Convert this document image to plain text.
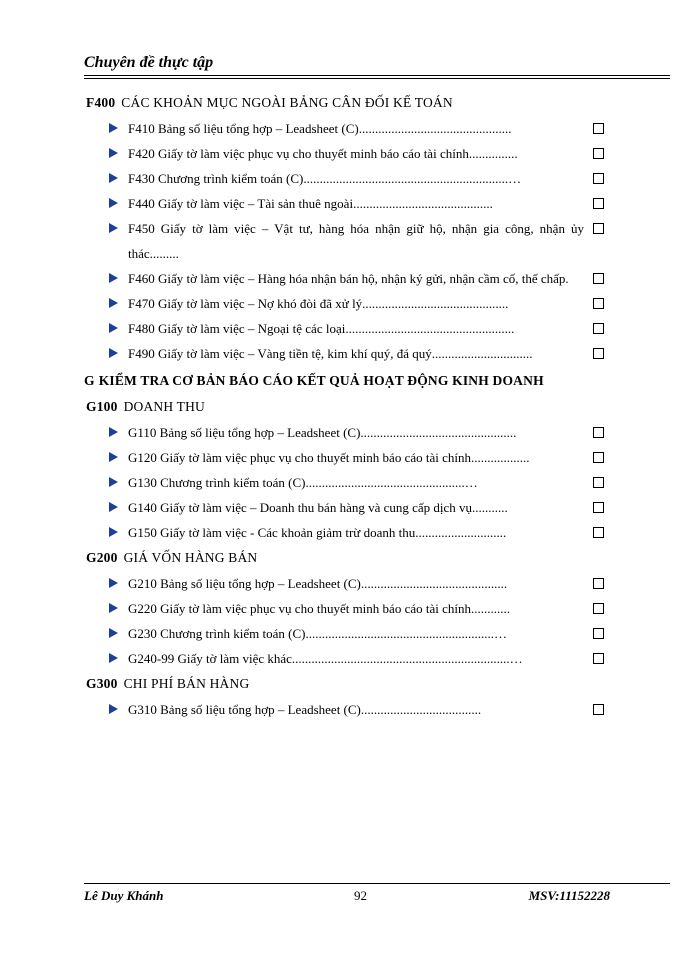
Chuyên đề thực tập
F400 CÁC KHOẢN MỤC NGOÀI BẢNG CÂN ĐỐI KẾ TOÁN
F410 Bảng số liệu tổng hợp – Leadsheet (C)...............................................
F420 Giấy tờ làm việc phục vụ cho thuyết minh báo cáo tài chính...............
F430 Chương trình kiểm toán (C)...............................................................…
F440 Giấy tờ làm việc – Tài sản thuê ngoài...........................................
F450 Giấy tờ làm việc – Vật tư, hàng hóa nhận giữ hộ, nhận gia công, nhận ủy thác.........
F460 Giấy tờ làm việc – Hàng hóa nhận bán hộ, nhận ký gửi, nhận cầm cố, thế chấp.
F470 Giấy tờ làm việc – Nợ khó đòi đã xử lý.............................................
F480 Giấy tờ làm việc – Ngoại tệ các loại....................................................
F490 Giấy tờ làm việc – Vàng tiền tệ, kim khí quý, đá quý...............................
G KIỂM TRA CƠ BẢN BÁO CÁO KẾT QUẢ HOẠT ĐỘNG KINH DOANH
G100 DOANH THU
G110 Bảng số liệu tổng hợp – Leadsheet (C)................................................
G120 Giấy tờ làm việc phục vụ cho thuyết minh báo cáo tài chính..................
G130 Chương trình kiểm toán (C).................................................…
G140 Giấy tờ làm việc – Doanh thu bán hàng và cung cấp dịch vụ...........
G150 Giấy tờ làm việc - Các khoản giảm trừ doanh thu............................
G200 GIÁ VỐN HÀNG BÁN
G210 Bảng số liệu tổng hợp – Leadsheet (C).............................................
G220 Giấy tờ làm việc phục vụ cho thuyết minh báo cáo tài chính............
G230 Chương trình kiểm toán (C)..........................................................…
G240-99 Giấy tờ làm việc khác...................................................................…
G300 CHI PHÍ BÁN HÀNG
G310 Bảng số liệu tổng hợp – Leadsheet (C).....................................
Lê Duy Khánh	92	MSV:11152228
